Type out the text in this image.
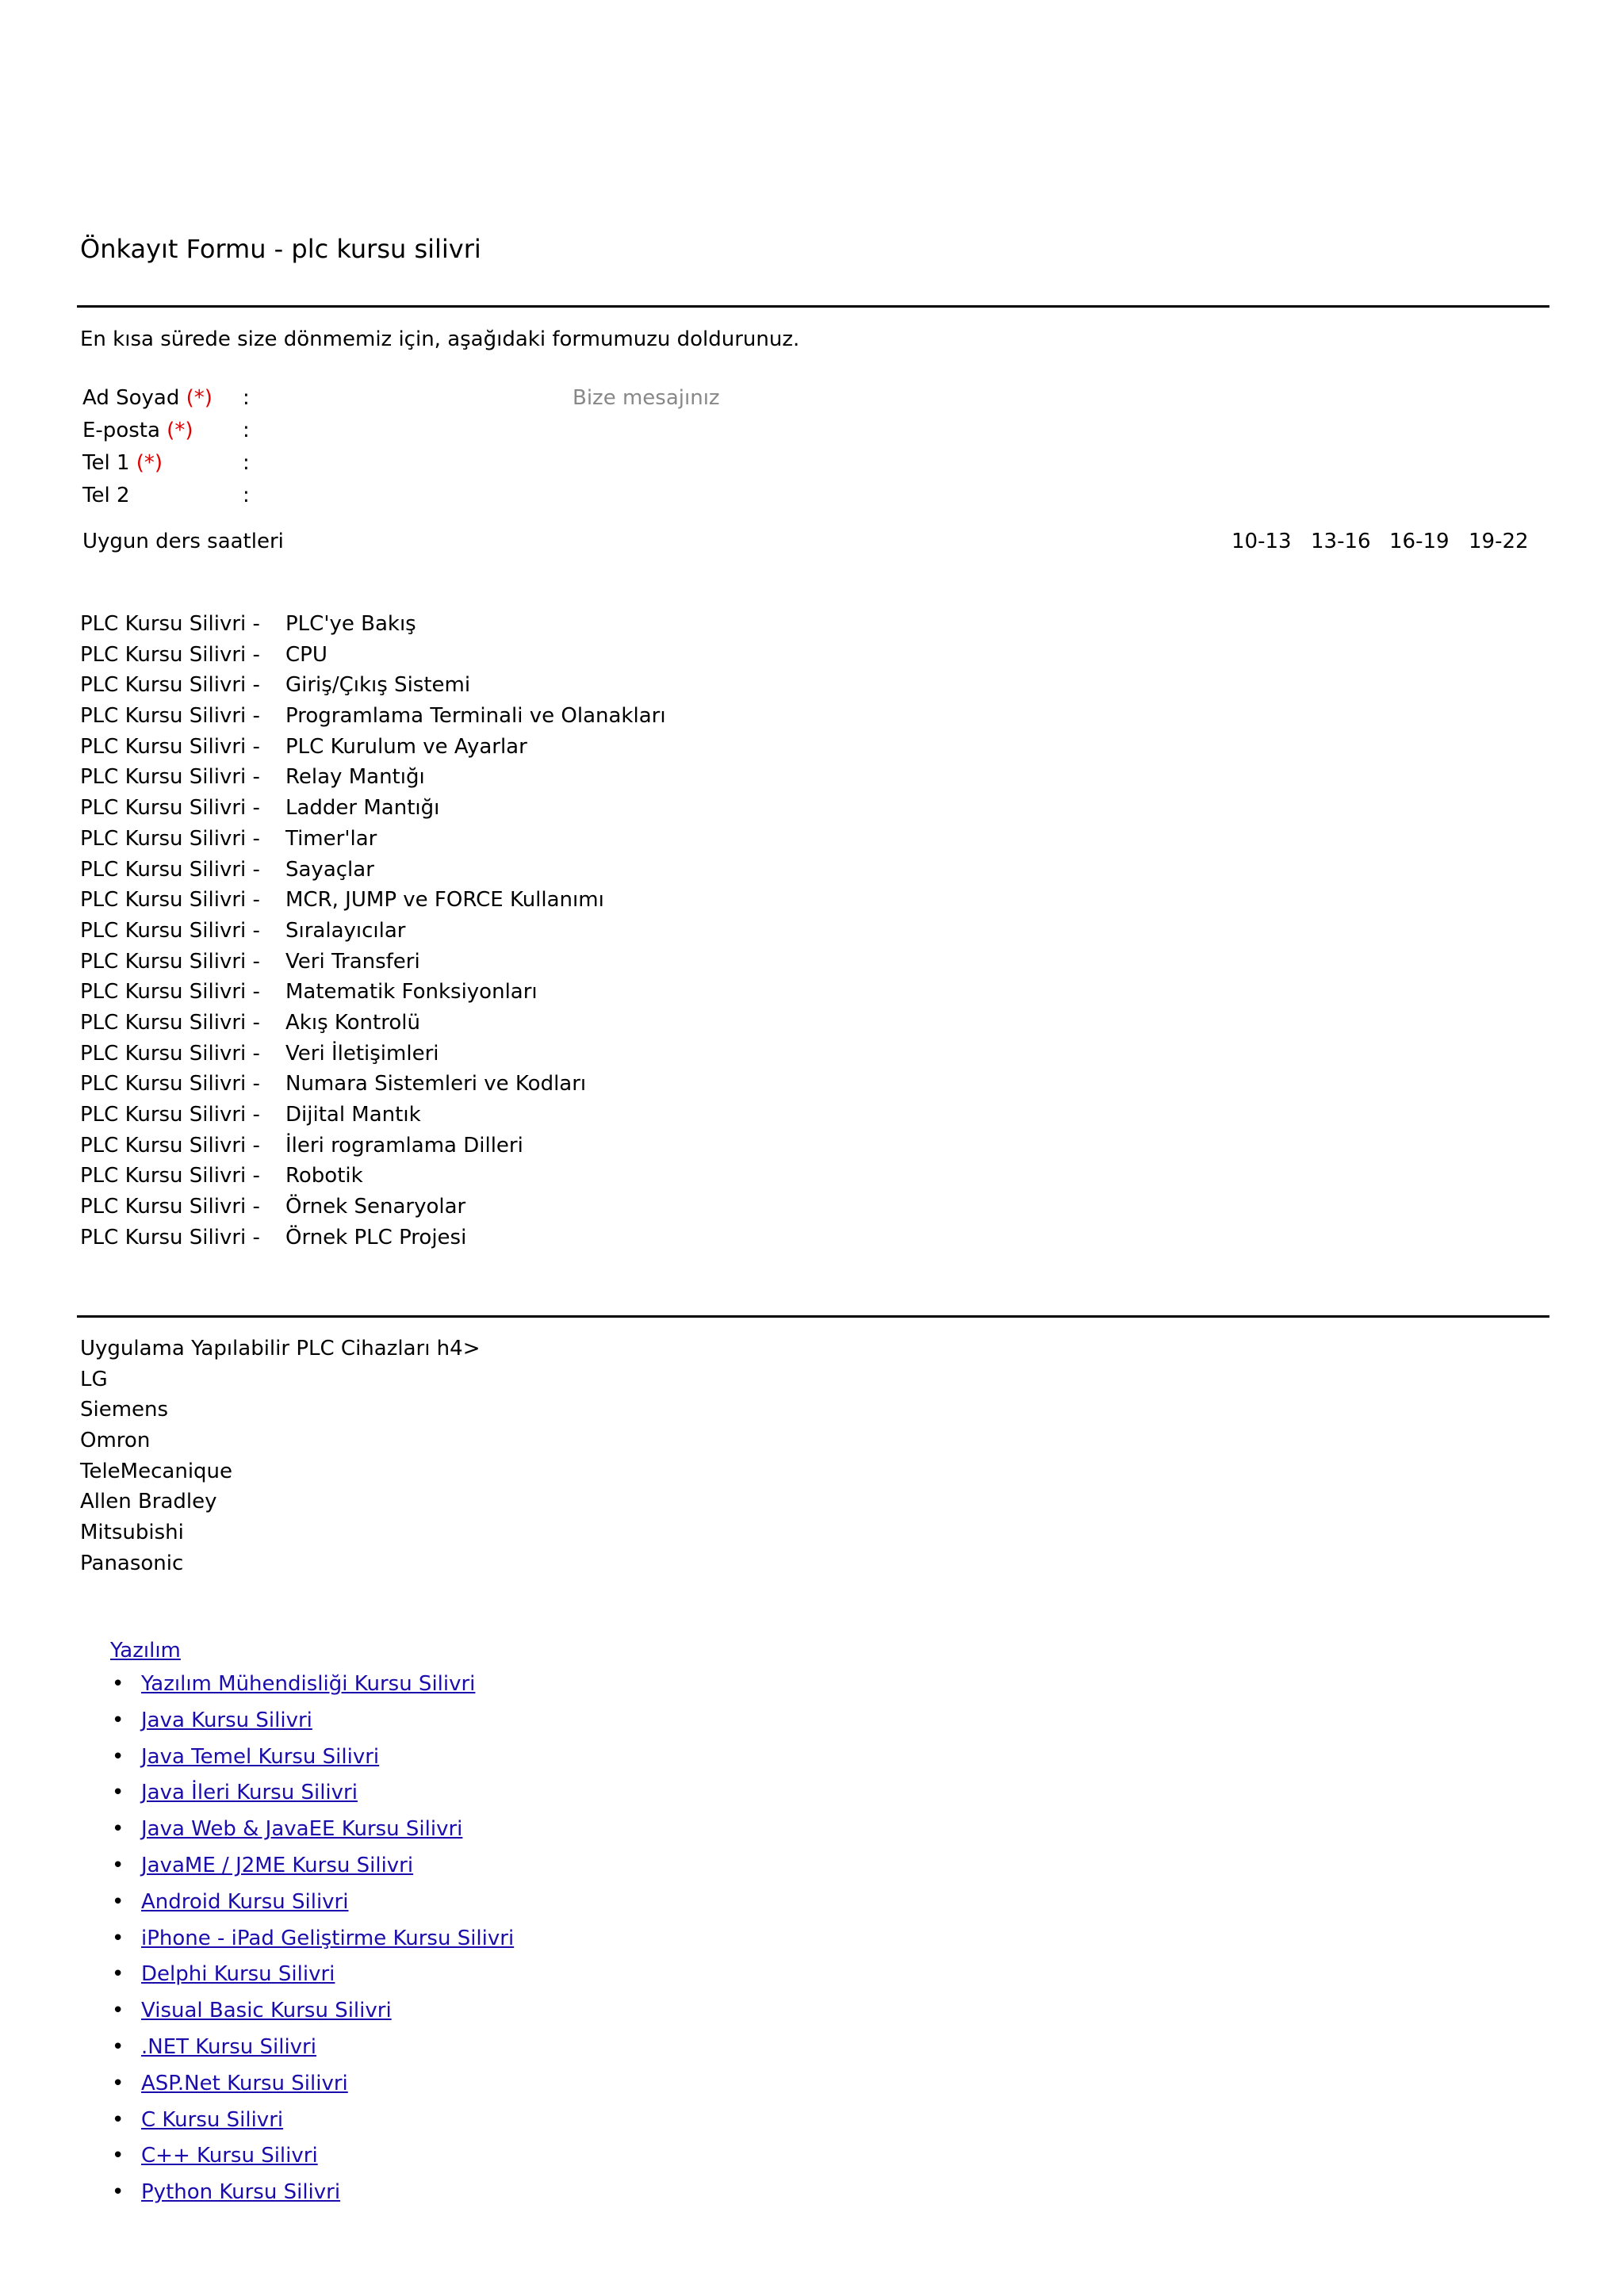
Önkayıt Formu - plc kursu silivri
En kısa sürede size dönmemiz için, aşağıdaki formumuzu doldurunuz.
Ad Soyad (*) :
E-posta (*) :
Tel 1 (*)	:
Tel 2	:
Bize mesajınız
Uygun ders saatleri	10-13 13-16 16-19 19-22
PLC Kursu Silivri - PLC'ye Bakış
PLC Kursu Silivri - CPU
PLC Kursu Silivri - Giriş/Çıkış Sistemi
PLC Kursu Silivri - Programlama Terminali ve Olanakları
PLC Kursu Silivri - PLC Kurulum ve Ayarlar
PLC Kursu Silivri - Relay Mantığı
PLC Kursu Silivri - Ladder Mantığı
PLC Kursu Silivri - Timer'lar
PLC Kursu Silivri - Sayaçlar
PLC Kursu Silivri - MCR, JUMP ve FORCE Kullanımı
PLC Kursu Silivri - Sıralayıcılar
PLC Kursu Silivri - Veri Transferi
PLC Kursu Silivri - Matematik Fonksiyonları
PLC Kursu Silivri - Akış Kontrolü
PLC Kursu Silivri - Veri İletişimleri
PLC Kursu Silivri - Numara Sistemleri ve Kodları
PLC Kursu Silivri - Dijital Mantık
PLC Kursu Silivri - İleri rogramlama Dilleri
PLC Kursu Silivri - Robotik
PLC Kursu Silivri - Örnek Senaryolar
PLC Kursu Silivri - Örnek PLC Projesi
Uygulama Yapılabilir PLC Cihazları h4>
LG
Siemens
Omron
TeleMecanique
Allen Bradley
Mitsubishi
Panasonic
Yazılım
• Yazılım Mühendisliği Kursu Silivri
• Java Kursu Silivri
• Java Temel Kursu Silivri
• Java İleri Kursu Silivri
• Java Web & JavaEE Kursu Silivri
• JavaME / J2ME Kursu Silivri
• Android Kursu Silivri
• iPhone - iPad Geliştirme Kursu Silivri
• Delphi Kursu Silivri
• Visual Basic Kursu Silivri
• .NET Kursu Silivri
• ASP.Net Kursu Silivri
• C Kursu Silivri
• C++ Kursu Silivri
• Python Kursu Silivri
